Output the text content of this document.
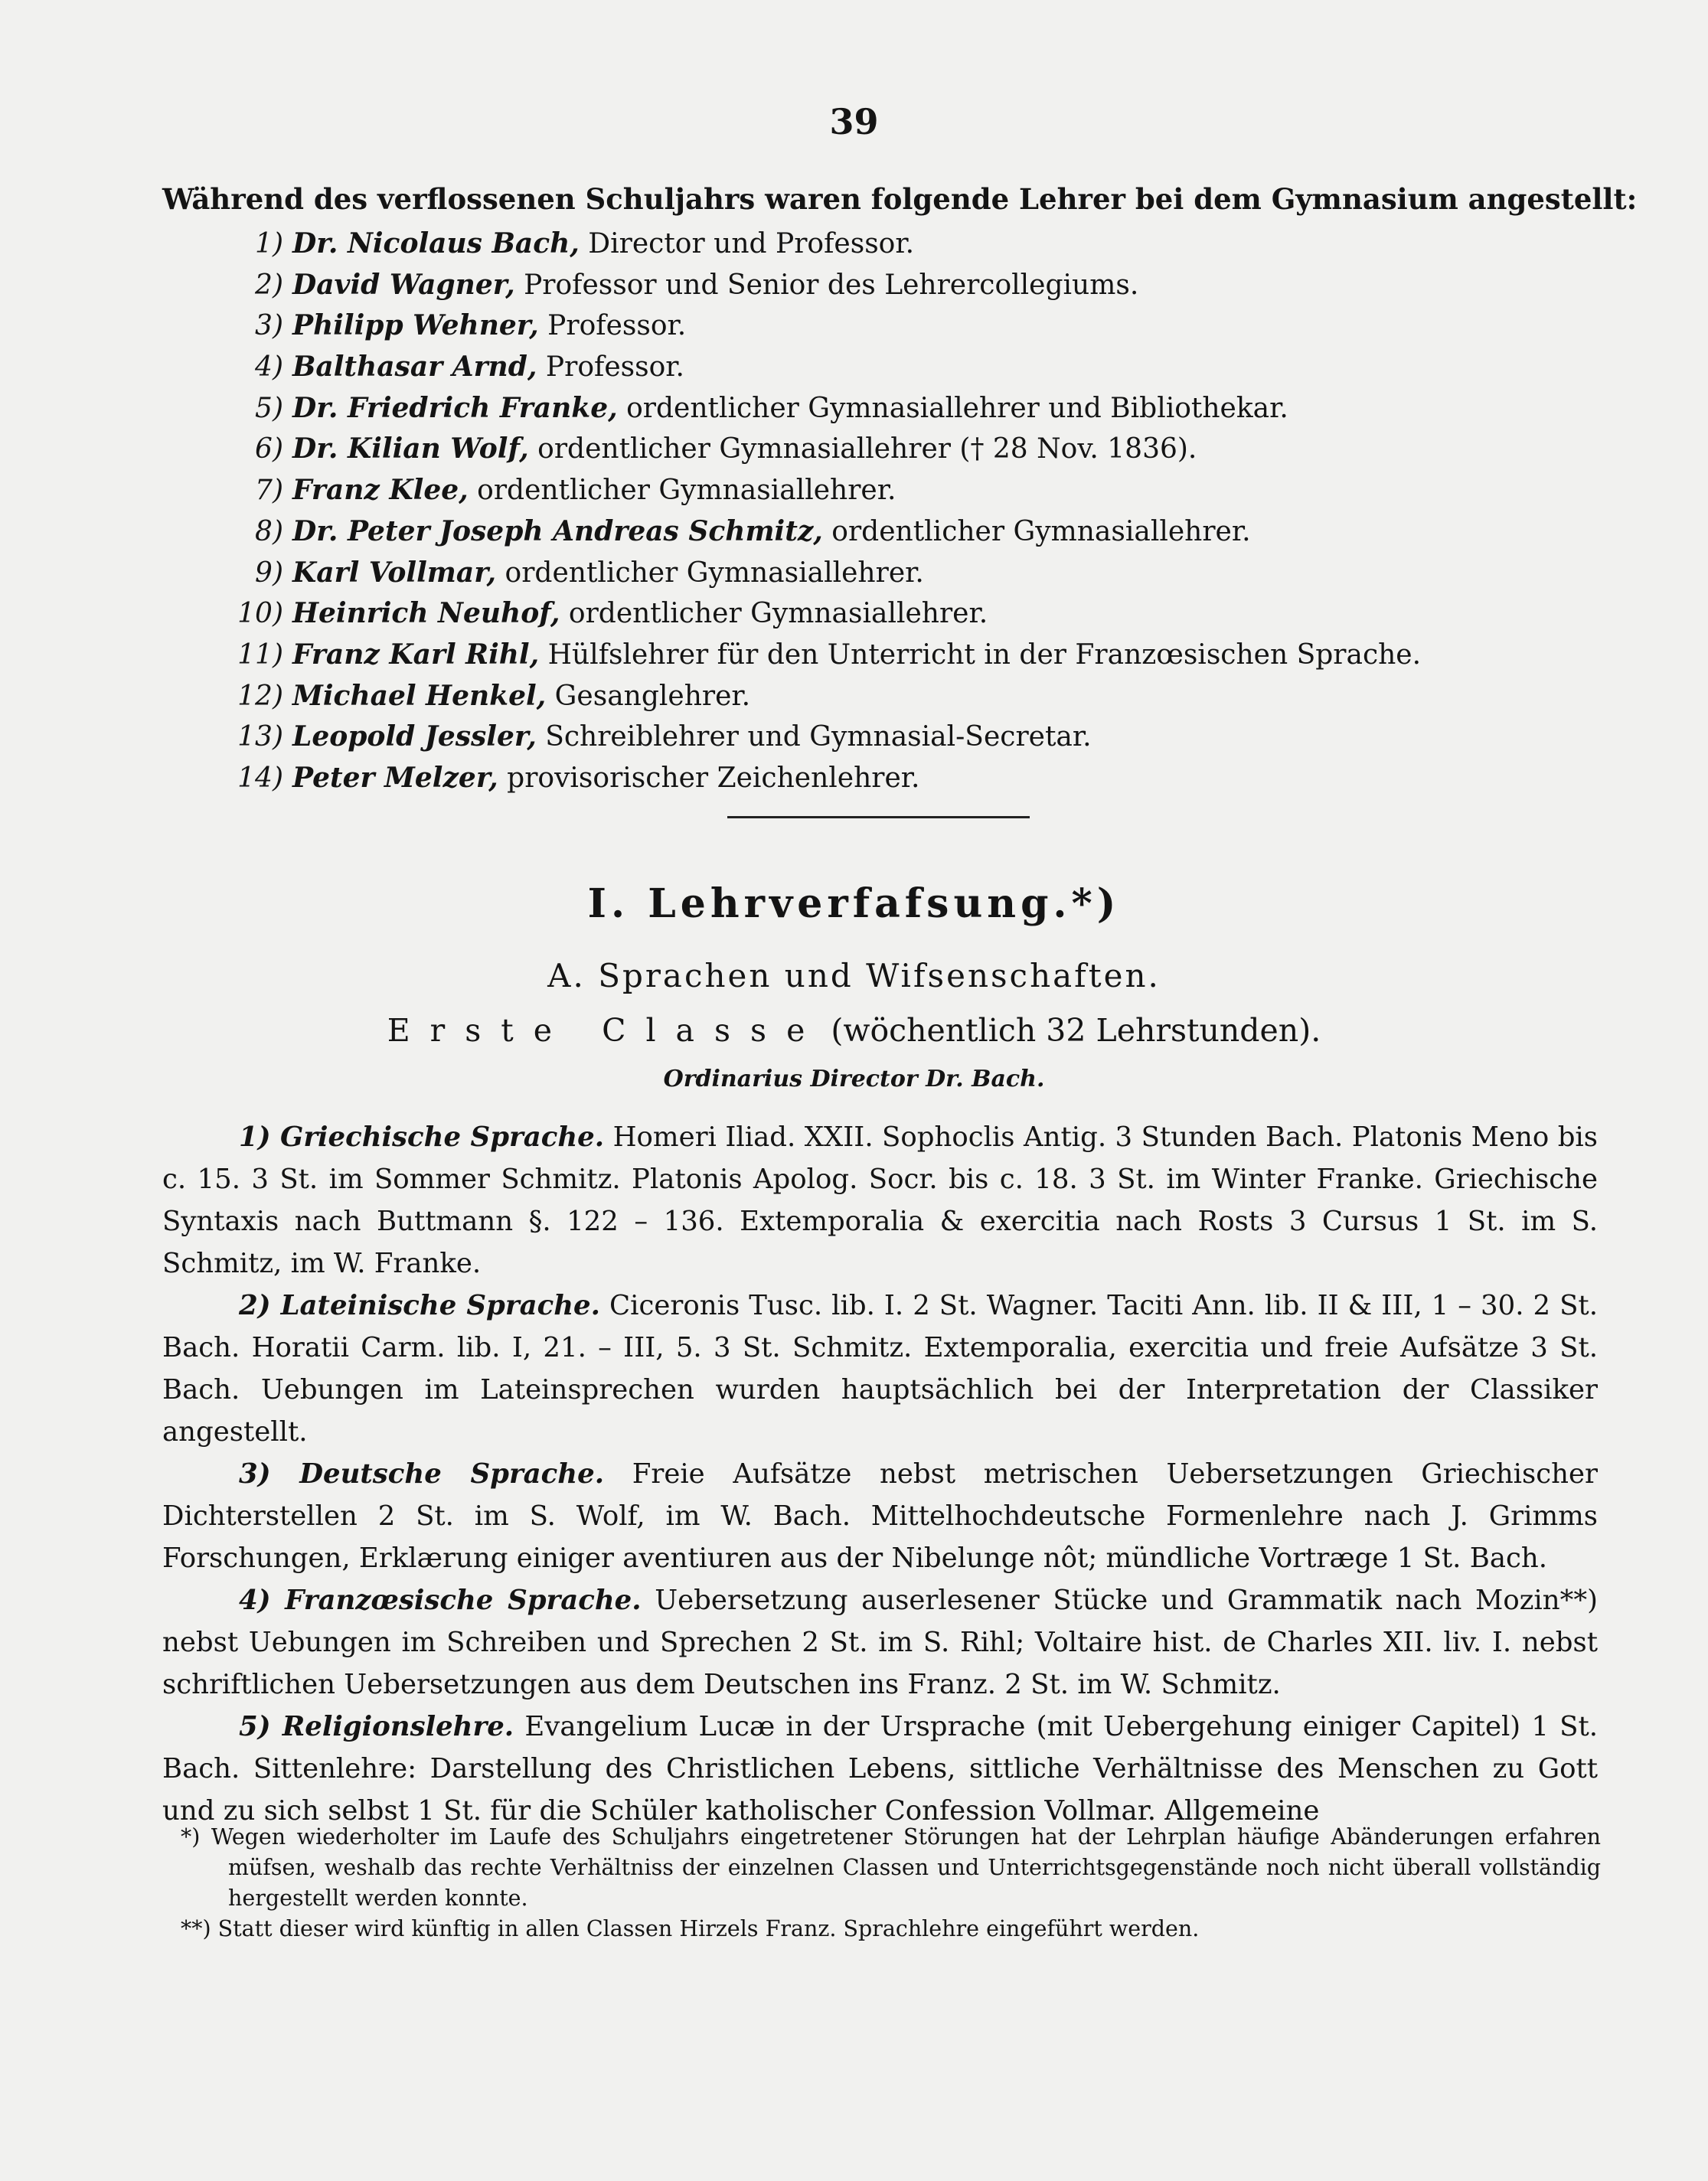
39
Während des verflossenen Schuljahrs waren folgende Lehrer bei dem Gymnasium angestellt:
1) Dr. Nicolaus Bach, Director und Professor.
2) David Wagner, Professor und Senior des Lehrercollegiums.
3) Philipp Wehner, Professor.
4) Balthasar Arnd, Professor.
5) Dr. Friedrich Franke, ordentlicher Gymnasiallehrer und Bibliothekar.
6) Dr. Kilian Wolf, ordentlicher Gymnasiallehrer († 28 Nov. 1836).
7) Franz Klee, ordentlicher Gymnasiallehrer.
8) Dr. Peter Joseph Andreas Schmitz, ordentlicher Gymnasiallehrer.
9) Karl Vollmar, ordentlicher Gymnasiallehrer.
10) Heinrich Neuhof, ordentlicher Gymnasiallehrer.
11) Franz Karl Rihl, Hülfslehrer für den Unterricht in der Franzœsischen Sprache.
12) Michael Henkel, Gesanglehrer.
13) Leopold Jessler, Schreiblehrer und Gymnasial-Secretar.
14) Peter Melzer, provisorischer Zeichenlehrer.
I. Lehrverfafsung.*)
A. Sprachen und Wifsenschaften.
Erste Classe (wöchentlich 32 Lehrstunden).
Ordinarius Director Dr. Bach.

1) Griechische Sprache. Homeri Iliad. XXII. Sophoclis Antig. 3 Stunden Bach. Platonis Meno bis c. 15. 3 St. im Sommer Schmitz. Platonis Apolog. Socr. bis c. 18. 3 St. im Winter Franke. Griechische Syntaxis nach Buttmann §. 122 – 136. Extemporalia & exercitia nach Rosts 3 Cursus 1 St. im S. Schmitz, im W. Franke.

2) Lateinische Sprache. Ciceronis Tusc. lib. I. 2 St. Wagner. Taciti Ann. lib. II & III, 1 – 30. 2 St. Bach. Horatii Carm. lib. I, 21. – III, 5. 3 St. Schmitz. Extemporalia, exercitia und freie Aufsätze 3 St. Bach. Uebungen im Lateinsprechen wurden hauptsächlich bei der Interpretation der Classiker angestellt.

3) Deutsche Sprache. Freie Aufsätze nebst metrischen Uebersetzungen Griechischer Dichterstellen 2 St. im S. Wolf, im W. Bach. Mittelhochdeutsche Formenlehre nach J. Grimms Forschungen, Erklærung einiger aventiuren aus der Nibelunge nôt; mündliche Vortræge 1 St. Bach.

4) Franzœsische Sprache. Uebersetzung auserlesener Stücke und Grammatik nach Mozin**) nebst Uebungen im Schreiben und Sprechen 2 St. im S. Rihl; Voltaire hist. de Charles XII. liv. I. nebst schriftlichen Uebersetzungen aus dem Deutschen ins Franz. 2 St. im W. Schmitz.

5) Religionslehre. Evangelium Lucæ in der Ursprache (mit Uebergehung einiger Capitel) 1 St. Bach. Sittenlehre: Darstellung des Christlichen Lebens, sittliche Verhältnisse des Menschen zu Gott und zu sich selbst 1 St. für die Schüler katholischer Confession Vollmar. Allgemeine

*) Wegen wiederholter im Laufe des Schuljahrs eingetretener Störungen hat der Lehrplan häufige Abänderungen erfahren müfsen, weshalb das rechte Verhältniss der einzelnen Classen und Unterrichtsgegenstände noch nicht überall vollständig hergestellt werden konnte.

**) Statt dieser wird künftig in allen Classen Hirzels Franz. Sprachlehre eingeführt werden.
